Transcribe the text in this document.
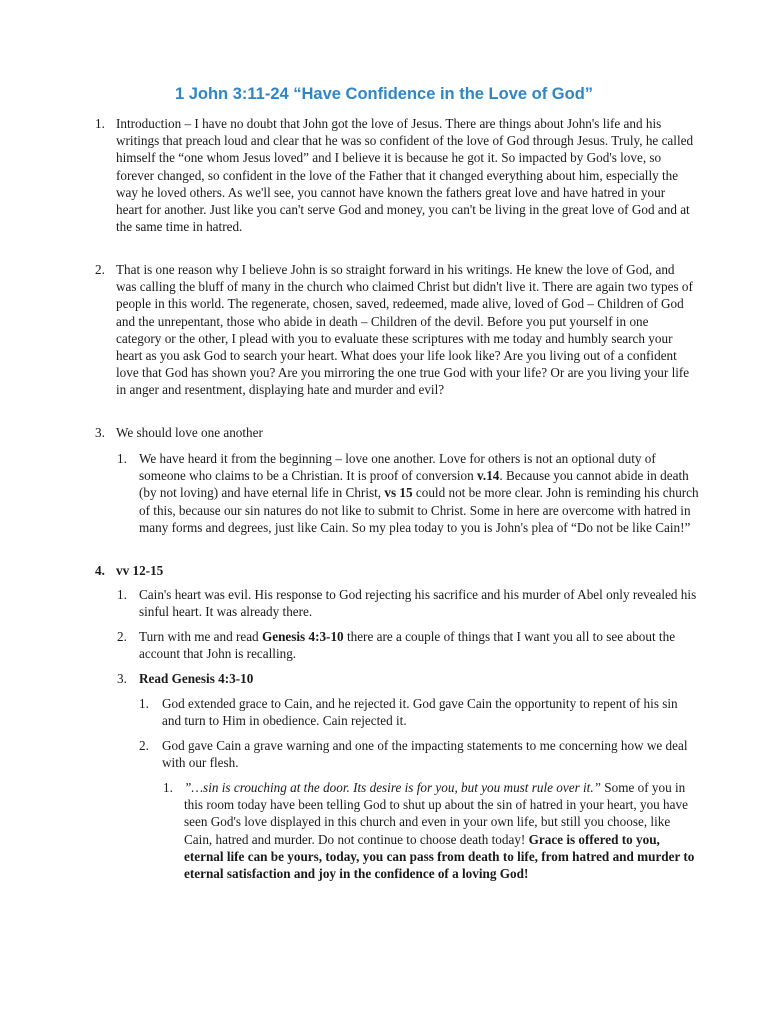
1 John 3:11-24 “Have Confidence in the Love of God”
1. Introduction – I have no doubt that John got the love of Jesus. There are things about John's life and his writings that preach loud and clear that he was so confident of the love of God through Jesus. Truly, he called himself the “one whom Jesus loved” and I believe it is because he got it. So impacted by God's love, so forever changed, so confident in the love of the Father that it changed everything about him, especially the way he loved others. As we'll see, you cannot have known the fathers great love and have hatred in your heart for another. Just like you can't serve God and money, you can't be living in the great love of God and at the same time in hatred.
2. That is one reason why I believe John is so straight forward in his writings. He knew the love of God, and was calling the bluff of many in the church who claimed Christ but didn't live it. There are again two types of people in this world. The regenerate, chosen, saved, redeemed, made alive, loved of God – Children of God and the unrepentant, those who abide in death – Children of the devil. Before you put yourself in one category or the other, I plead with you to evaluate these scriptures with me today and humbly search your heart as you ask God to search your heart. What does your life look like? Are you living out of a confident love that God has shown you? Are you mirroring the one true God with your life? Or are you living your life in anger and resentment, displaying hate and murder and evil?
3. We should love one another
1. We have heard it from the beginning – love one another. Love for others is not an optional duty of someone who claims to be a Christian. It is proof of conversion v.14. Because you cannot abide in death (by not loving) and have eternal life in Christ, vs 15 could not be more clear. John is reminding his church of this, because our sin natures do not like to submit to Christ. Some in here are overcome with hatred in many forms and degrees, just like Cain. So my plea today to you is John's plea of “Do not be like Cain!”
4. vv 12-15
1. Cain's heart was evil. His response to God rejecting his sacrifice and his murder of Abel only revealed his sinful heart. It was already there.
2. Turn with me and read Genesis 4:3-10 there are a couple of things that I want you all to see about the account that John is recalling.
3. Read Genesis 4:3-10
1. God extended grace to Cain, and he rejected it. God gave Cain the opportunity to repent of his sin and turn to Him in obedience. Cain rejected it.
2. God gave Cain a grave warning and one of the impacting statements to me concerning how we deal with our flesh.
1. ”…sin is crouching at the door. Its desire is for you, but you must rule over it.” Some of you in this room today have been telling God to shut up about the sin of hatred in your heart, you have seen God's love displayed in this church and even in your own life, but still you choose, like Cain, hatred and murder. Do not continue to choose death today! Grace is offered to you, eternal life can be yours, today, you can pass from death to life, from hatred and murder to eternal satisfaction and joy in the confidence of a loving God!
